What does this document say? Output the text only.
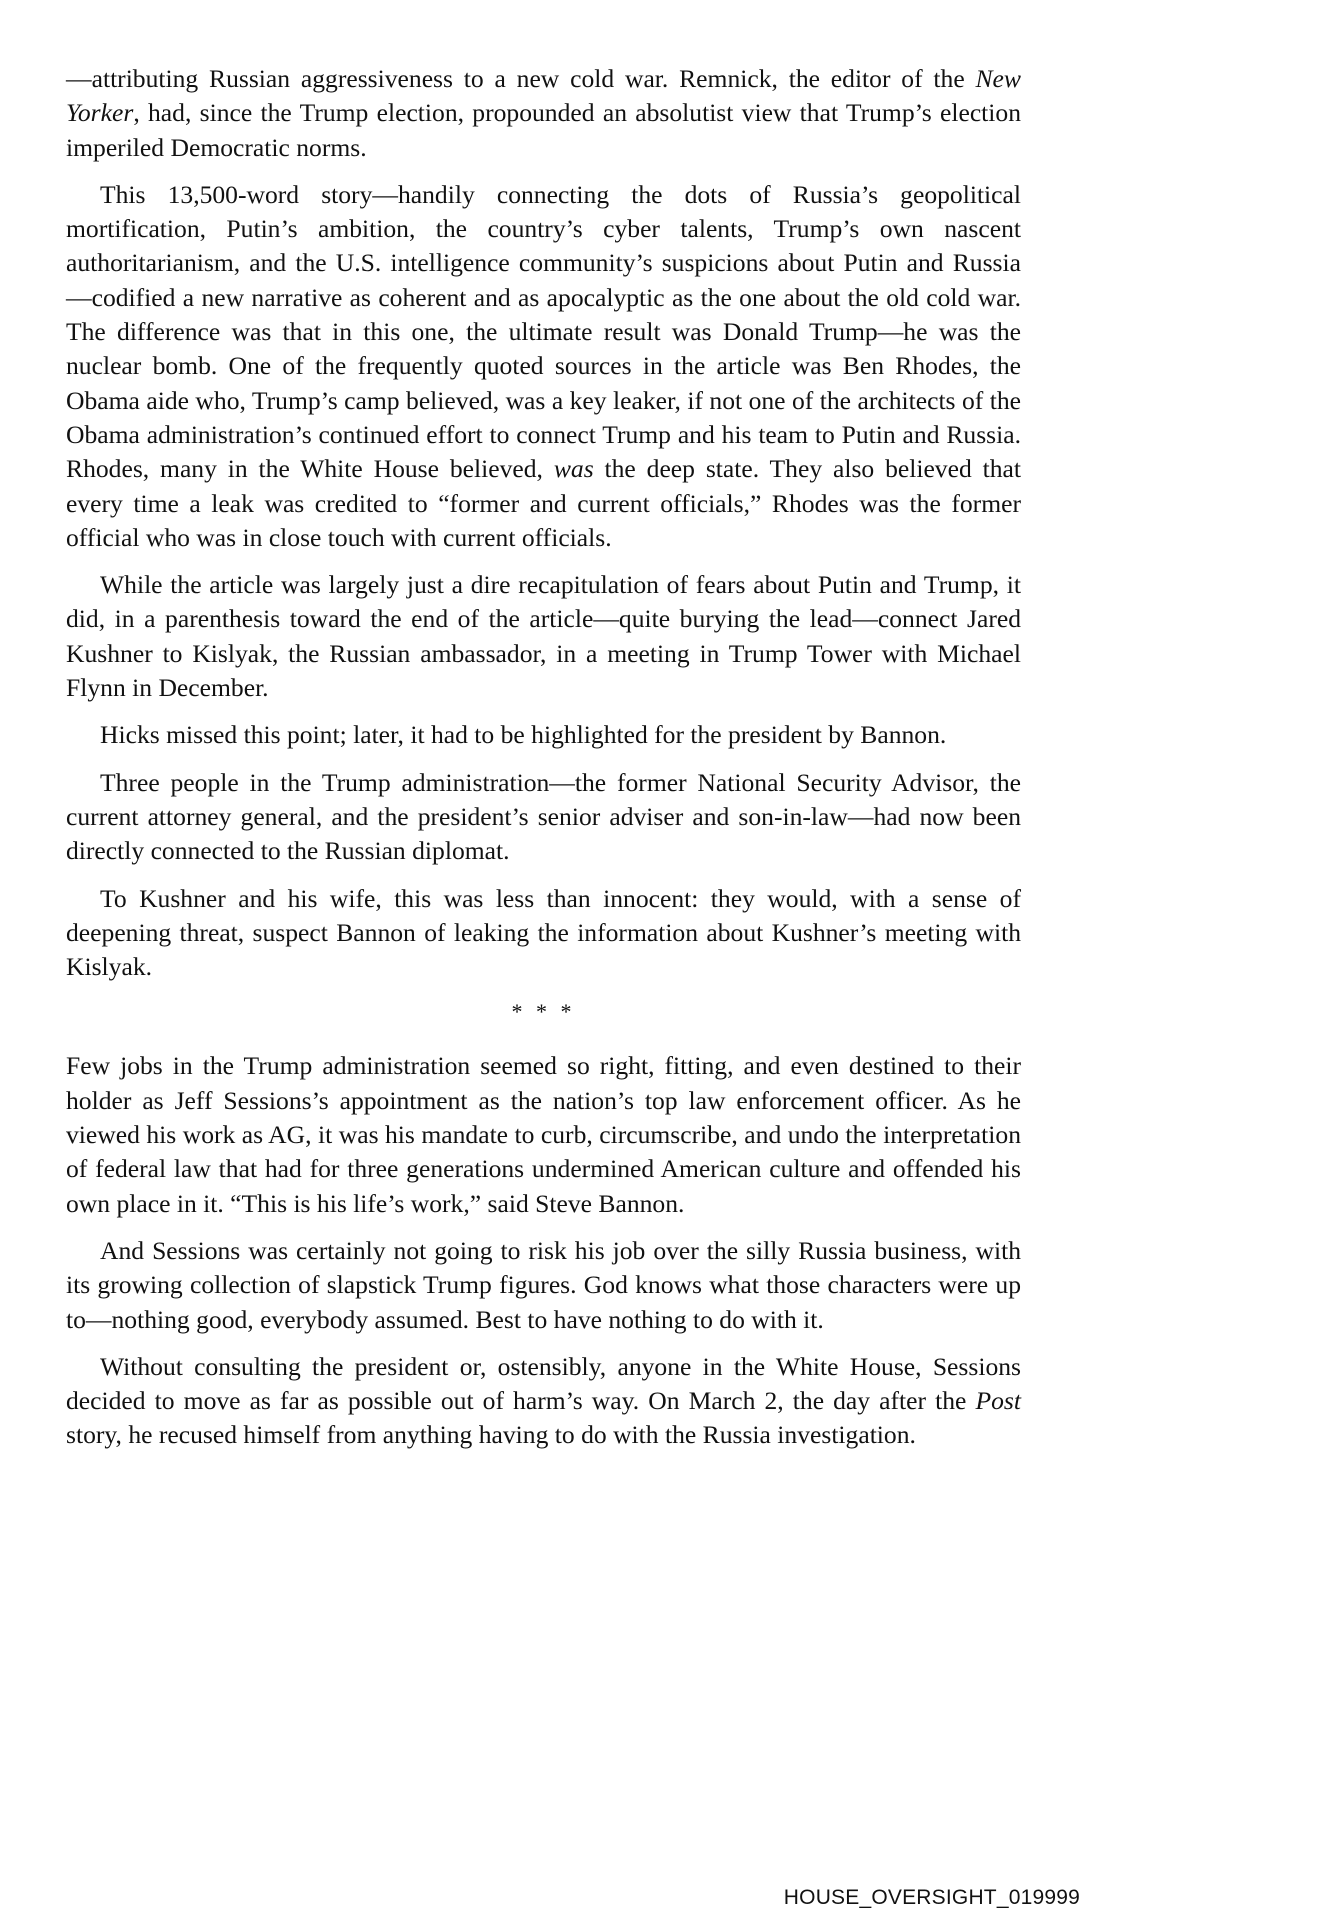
—attributing Russian aggressiveness to a new cold war. Remnick, the editor of the New Yorker, had, since the Trump election, propounded an absolutist view that Trump’s election imperiled Democratic norms.

This 13,500-word story—handily connecting the dots of Russia’s geopolitical mortification, Putin’s ambition, the country’s cyber talents, Trump’s own nascent authoritarianism, and the U.S. intelligence community’s suspicions about Putin and Russia —codified a new narrative as coherent and as apocalyptic as the one about the old cold war. The difference was that in this one, the ultimate result was Donald Trump—he was the nuclear bomb. One of the frequently quoted sources in the article was Ben Rhodes, the Obama aide who, Trump’s camp believed, was a key leaker, if not one of the architects of the Obama administration’s continued effort to connect Trump and his team to Putin and Russia. Rhodes, many in the White House believed, was the deep state. They also believed that every time a leak was credited to “former and current officials,” Rhodes was the former official who was in close touch with current officials.

While the article was largely just a dire recapitulation of fears about Putin and Trump, it did, in a parenthesis toward the end of the article—quite burying the lead—connect Jared Kushner to Kislyak, the Russian ambassador, in a meeting in Trump Tower with Michael Flynn in December.

Hicks missed this point; later, it had to be highlighted for the president by Bannon.

Three people in the Trump administration—the former National Security Advisor, the current attorney general, and the president’s senior adviser and son-in-law—had now been directly connected to the Russian diplomat.

To Kushner and his wife, this was less than innocent: they would, with a sense of deepening threat, suspect Bannon of leaking the information about Kushner’s meeting with Kislyak.

* * *

Few jobs in the Trump administration seemed so right, fitting, and even destined to their holder as Jeff Sessions’s appointment as the nation’s top law enforcement officer. As he viewed his work as AG, it was his mandate to curb, circumscribe, and undo the interpretation of federal law that had for three generations undermined American culture and offended his own place in it. “This is his life’s work,” said Steve Bannon.

And Sessions was certainly not going to risk his job over the silly Russia business, with its growing collection of slapstick Trump figures. God knows what those characters were up to—nothing good, everybody assumed. Best to have nothing to do with it.

Without consulting the president or, ostensibly, anyone in the White House, Sessions decided to move as far as possible out of harm’s way. On March 2, the day after the Post story, he recused himself from anything having to do with the Russia investigation.

HOUSE_OVERSIGHT_019999
